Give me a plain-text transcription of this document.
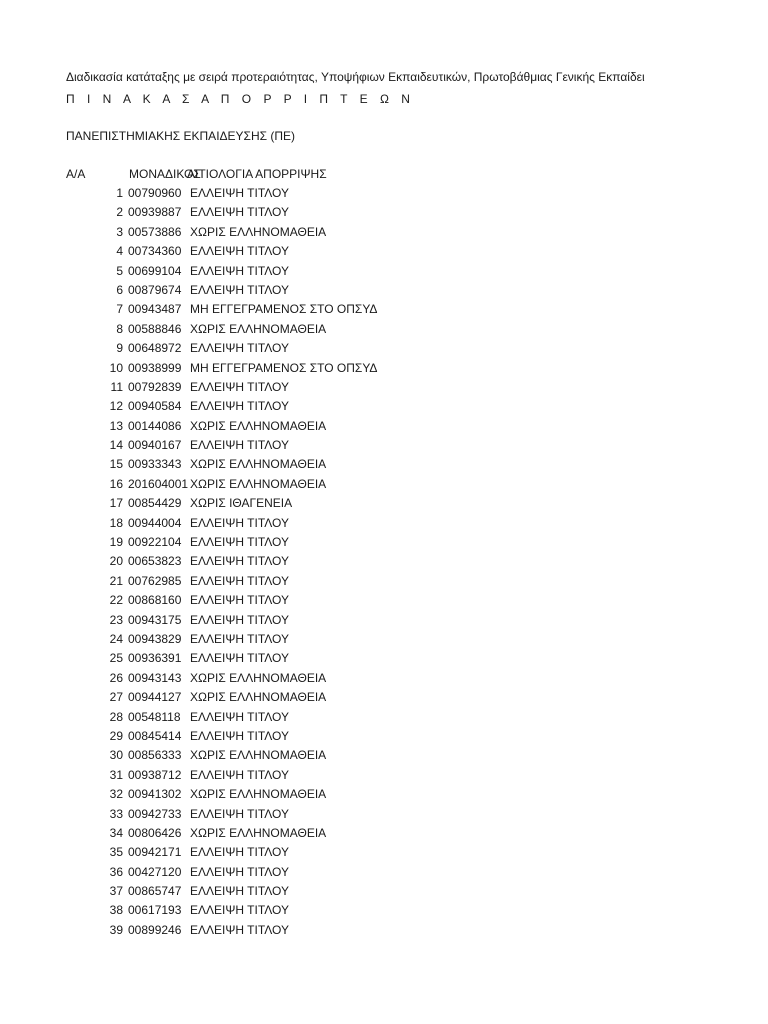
Διαδικασία κατάταξης με σειρά προτεραιότητας, Υποψήφιων Εκπαιδευτικών, Πρωτοβάθμιας Γενικής Εκπαίδει
Π Ι Ν Α Κ Α Σ Α Π Ο Ρ Ρ Ι Π Τ Ε Ω Ν
ΠΑΝΕΠΙΣΤΗΜΙΑΚΗΣ ΕΚΠΑΙΔΕΥΣΗΣ (ΠΕ)
Α/Α	ΜΟΝΑΔΙΚΟΣ
ΑΙΤΙΟΛΟΓΙΑ ΑΠΟΡΡΙΨΗΣ
1 00790960 ΕΛΛΕΙΨΗ ΤΙΤΛΟΥ
2 00939887 ΕΛΛΕΙΨΗ ΤΙΤΛΟΥ
3 00573886 ΧΩΡΙΣ ΕΛΛΗΝΟΜΑΘΕΙΑ
4 00734360 ΕΛΛΕΙΨΗ ΤΙΤΛΟΥ
5 00699104 ΕΛΛΕΙΨΗ ΤΙΤΛΟΥ
6 00879674 ΕΛΛΕΙΨΗ ΤΙΤΛΟΥ
7 00943487 ΜΗ ΕΓΓΕΓΡΑΜΕΝΟΣ ΣΤΟ ΟΠΣΥΔ
8 00588846 ΧΩΡΙΣ ΕΛΛΗΝΟΜΑΘΕΙΑ
9 00648972 ΕΛΛΕΙΨΗ ΤΙΤΛΟΥ
10 00938999 ΜΗ ΕΓΓΕΓΡΑΜΕΝΟΣ ΣΤΟ ΟΠΣΥΔ
11 00792839 ΕΛΛΕΙΨΗ ΤΙΤΛΟΥ
12 00940584 ΕΛΛΕΙΨΗ ΤΙΤΛΟΥ
13 00144086 ΧΩΡΙΣ ΕΛΛΗΝΟΜΑΘΕΙΑ
14 00940167 ΕΛΛΕΙΨΗ ΤΙΤΛΟΥ
15 00933343 ΧΩΡΙΣ ΕΛΛΗΝΟΜΑΘΕΙΑ
16 201604001 ΧΩΡΙΣ ΕΛΛΗΝΟΜΑΘΕΙΑ
17 00854429 ΧΩΡΙΣ ΙΘΑΓΕΝΕΙΑ
18 00944004 ΕΛΛΕΙΨΗ ΤΙΤΛΟΥ
19 00922104 ΕΛΛΕΙΨΗ ΤΙΤΛΟΥ
20 00653823 ΕΛΛΕΙΨΗ ΤΙΤΛΟΥ
21 00762985 ΕΛΛΕΙΨΗ ΤΙΤΛΟΥ
22 00868160 ΕΛΛΕΙΨΗ ΤΙΤΛΟΥ
23 00943175 ΕΛΛΕΙΨΗ ΤΙΤΛΟΥ
24 00943829 ΕΛΛΕΙΨΗ ΤΙΤΛΟΥ
25 00936391 ΕΛΛΕΙΨΗ ΤΙΤΛΟΥ
26 00943143 ΧΩΡΙΣ ΕΛΛΗΝΟΜΑΘΕΙΑ
27 00944127 ΧΩΡΙΣ ΕΛΛΗΝΟΜΑΘΕΙΑ
28 00548118 ΕΛΛΕΙΨΗ ΤΙΤΛΟΥ
29 00845414 ΕΛΛΕΙΨΗ ΤΙΤΛΟΥ
30 00856333 ΧΩΡΙΣ ΕΛΛΗΝΟΜΑΘΕΙΑ
31 00938712 ΕΛΛΕΙΨΗ ΤΙΤΛΟΥ
32 00941302 ΧΩΡΙΣ ΕΛΛΗΝΟΜΑΘΕΙΑ
33 00942733 ΕΛΛΕΙΨΗ ΤΙΤΛΟΥ
34 00806426 ΧΩΡΙΣ ΕΛΛΗΝΟΜΑΘΕΙΑ
35 00942171 ΕΛΛΕΙΨΗ ΤΙΤΛΟΥ
36 00427120 ΕΛΛΕΙΨΗ ΤΙΤΛΟΥ
37 00865747 ΕΛΛΕΙΨΗ ΤΙΤΛΟΥ
38 00617193 ΕΛΛΕΙΨΗ ΤΙΤΛΟΥ
39 00899246 ΕΛΛΕΙΨΗ ΤΙΤΛΟΥ
